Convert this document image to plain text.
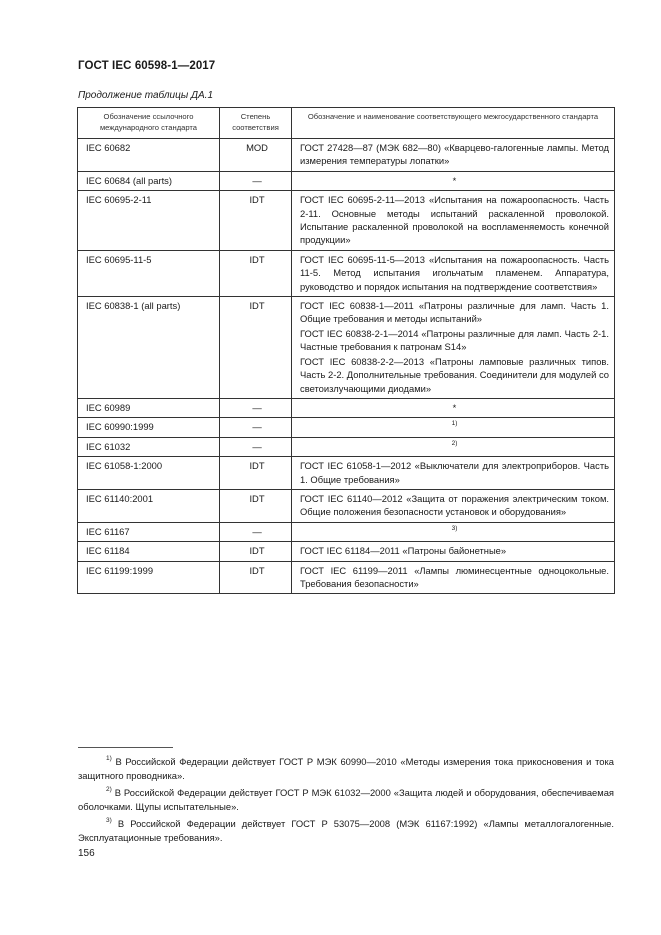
ГОСТ IEC 60598-1—2017
Продолжение таблицы ДА.1
Обозначение ссылочного международного стандарта	Степень соответствия	Обозначение и наименование соответствующего межгосударственного стандарта
IEC 60682	MOD	ГОСТ 27428—87 (МЭК 682—80) «Кварцево-галогенные лампы. Метод измерения температуры лопатки»

IEC 60684 (all parts)	—	*

IEC 60695-2-11	IDT	ГОСТ IEC 60695-2-11—2013 «Испытания на пожароопасность. Часть 2-11. Основные методы испытаний раскаленной проволокой. Испытание раскаленной проволокой на воспламеняемость конечной продукции»

IEC 60695-11-5	IDT	ГОСТ IEC 60695-11-5—2013 «Испытания на пожароопасность. Часть 11-5. Метод испытания игольчатым пламенем. Аппаратура, руководство и порядок испытания на подтверждение соответствия»

IEC 60838-1 (all parts)	IDT	ГОСТ IEC 60838-1—2011 «Патроны различные для ламп. Часть 1. Общие требования и методы испытаний»

ГОСТ IEC 60838-2-1—2014 «Патроны различные для ламп. Часть 2-1. Частные требования к патронам S14»

ГОСТ IEC 60838-2-2—2013 «Патроны ламповые различных типов. Часть 2-2. Дополнительные требования. Соединители для модулей со светоизлучающими диодами»

IEC 60989	—	*

IEC 60990:1999	—	$^{1)}$
IEC 61032	—	$^{2)}$
IEC 61058-1:2000	IDT	ГОСТ IEC 61058-1—2012 «Выключатели для электроприборов. Часть 1. Общие требования»

IEC 61140:2001	IDT	ГОСТ IEC 61140—2012 «Защита от поражения электрическим током. Общие положения безопасности установок и оборудования»

IEC 61167	—	$^{3)}$
IEC 61184	IDT	ГОСТ IEC 61184—2011 «Патроны байонетные»

IEC 61199:1999	IDT	ГОСТ IEC 61199—2011 «Лампы люминесцентные одноцокольные. Требования безопасности»

$^{1)}$ В Российской Федерации действует ГОСТ Р МЭК 60990—2010 «Методы измерения тока прикосновения и тока защитного проводника».

$^{2)}$ В Российской Федерации действует ГОСТ Р МЭК 61032—2000 «Защита людей и оборудования, обеспечиваемая оболочками. Щупы испытательные».

$^{3)}$ В Российской Федерации действует ГОСТ Р 53075—2008 (МЭК 61167:1992) «Лампы металлогалогенные. Эксплуатационные требования».

156
